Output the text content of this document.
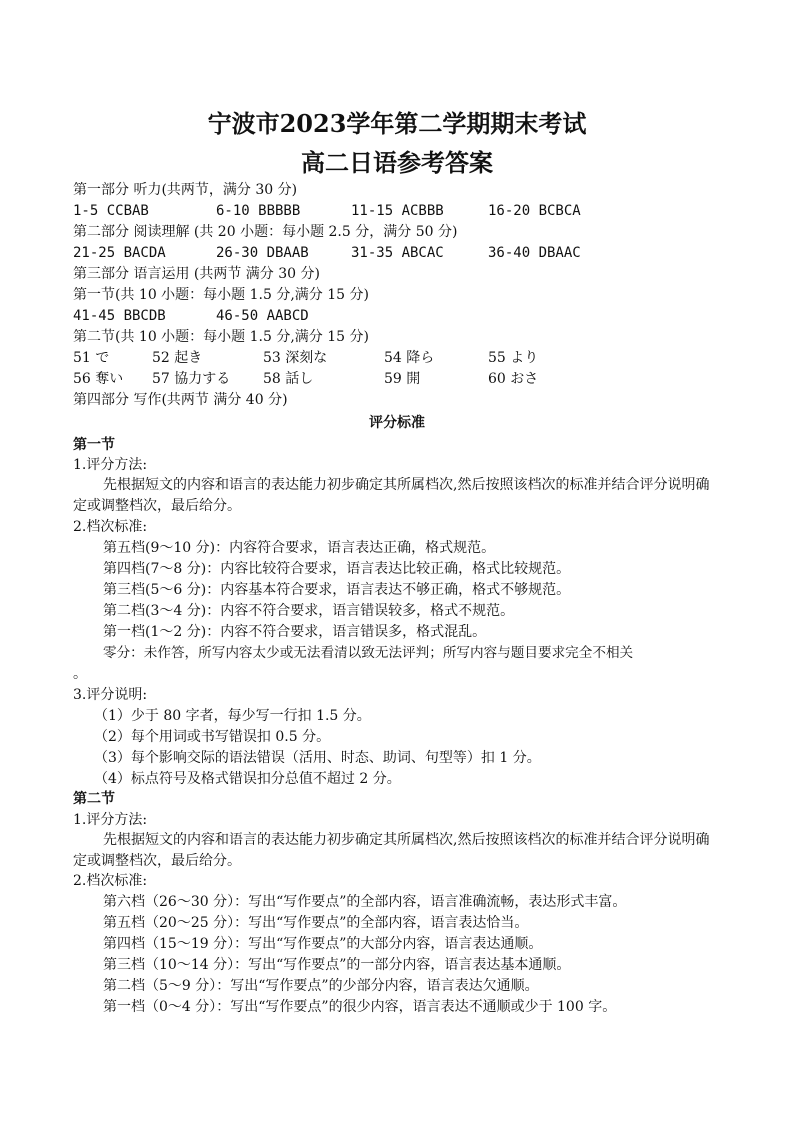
宁波市2023学年第二学期期末考试
高二日语参考答案
第一部分 听力(共两节，满分 30 分)
1-5 CCBAB	6-10 BBBBB	11-15 ACBBB	16-20 BCBCA
第二部分 阅读理解 (共 20 小题：每小题 2.5 分，满分 50 分)
21-25 BACDA	26-30 DBAAB	31-35 ABCAC	36-40 DBAAC
第三部分 语言运用 (共两节 满分 30 分)
第一节(共 10 小题：每小题 1.5 分,满分 15 分)
41-45 BBCDB	46-50 AABCD
第二节(共 10 小题：每小题 1.5 分,满分 15 分)
51 で	52 起き	53 深刻な	54 降ら	55 より
56 奪い 57 協力する 58 話し	59 開	60 おさ
第四部分 写作(共两节 满分 40 分)
评分标准
第一节
1.评分方法:
先根据短文的内容和语言的表达能力初步确定其所属档次,然后按照该档次的标准并结合评分说明确定或调整档次，最后给分。
2.档次标准:
第五档(9～10 分)：内容符合要求，语言表达正确，格式规范。
第四档(7～8 分)：内容比较符合要求，语言表达比较正确，格式比较规范。
第三档(5～6 分)：内容基本符合要求，语言表达不够正确，格式不够规范。
第二档(3～4 分)：内容不符合要求，语言错误较多，格式不规范。
第一档(1～2 分)：内容不符合要求，语言错误多，格式混乱。
零分：未作答，所写内容太少或无法看清以致无法评判；所写内容与题目要求完全不相关
。
3.评分说明:
（1）少于 80 字者，每少写一行扣 1.5 分。
（2）每个用词或书写错误扣 0.5 分。
（3）每个影响交际的语法错误（活用、时态、助词、句型等）扣 1 分。
（4）标点符号及格式错误扣分总值不超过 2 分。
第二节
1.评分方法:
先根据短文的内容和语言的表达能力初步确定其所属档次,然后按照该档次的标准并结合评分说明确定或调整档次，最后给分。
2.档次标准:
第六档（26～30 分）：写出“写作要点”的全部内容，语言准确流畅，表达形式丰富。
第五档（20～25 分）：写出“写作要点”的全部内容，语言表达恰当。
第四档（15～19 分）：写出“写作要点”的大部分内容，语言表达通顺。
第三档（10～14 分）：写出“写作要点”的一部分内容，语言表达基本通顺。
第二档（5～9 分）：写出“写作要点”的少部分内容，语言表达欠通顺。
第一档（0～4 分）：写出“写作要点”的很少内容，语言表达不通顺或少于 100 字。
